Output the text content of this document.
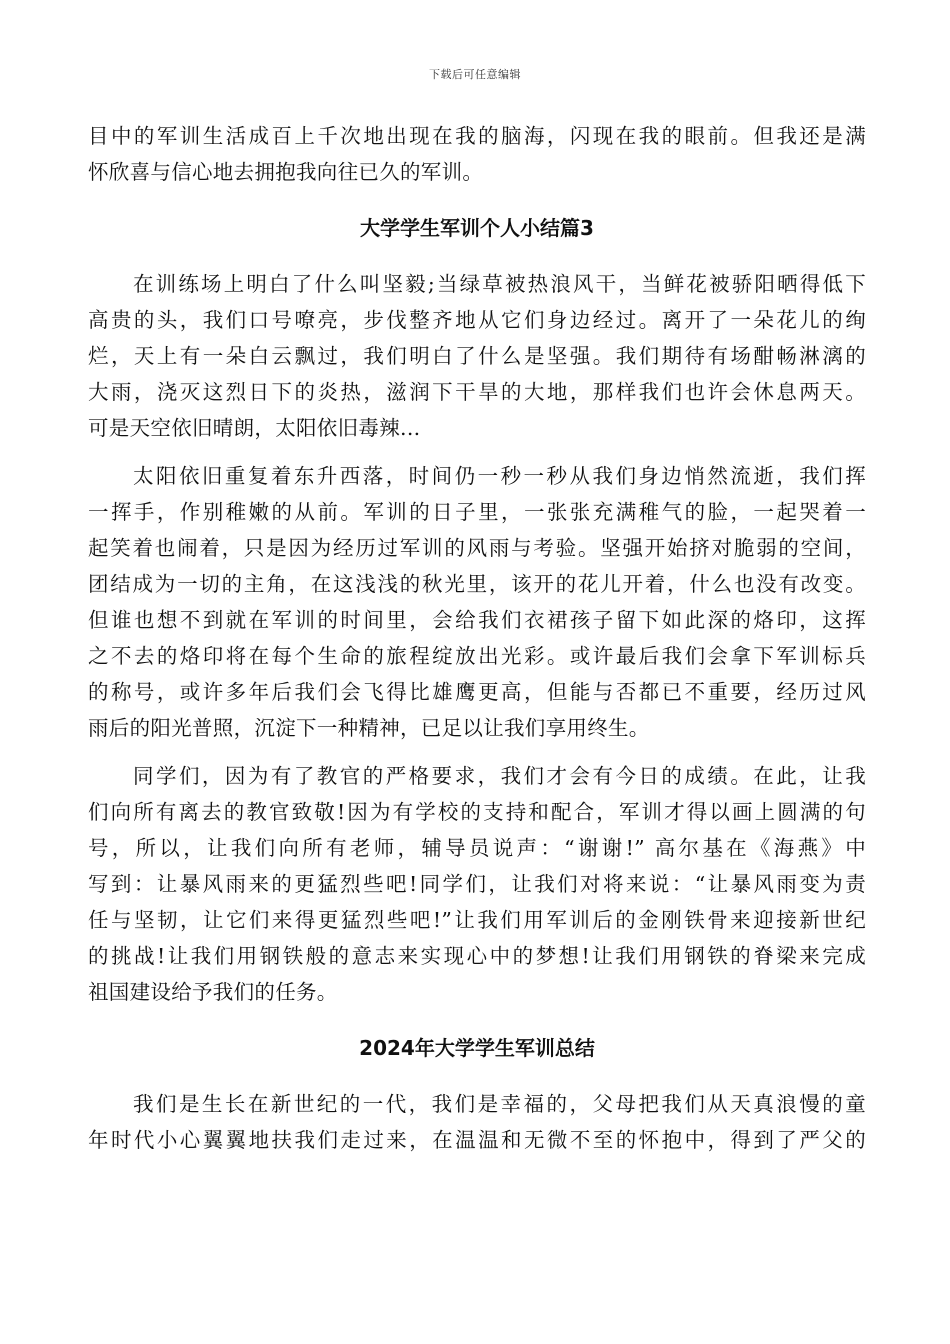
下载后可任意编辑
目中的军训生活成百上千次地出现在我的脑海，闪现在我的眼前。但我还是满
怀欣喜与信心地去拥抱我向往已久的军训。
大学学生军训个人小结篇3
在训练场上明白了什么叫坚毅;当绿草被热浪风干，当鲜花被骄阳晒得低下
高贵的头，我们口号嘹亮，步伐整齐地从它们身边经过。离开了一朵花儿的绚
烂，天上有一朵白云飘过，我们明白了什么是坚强。我们期待有场酣畅淋漓的
大雨，浇灭这烈日下的炎热，滋润下干旱的大地，那样我们也许会休息两天。
可是天空依旧晴朗，太阳依旧毒辣...
太阳依旧重复着东升西落，时间仍一秒一秒从我们身边悄然流逝，我们挥
一挥手，作别稚嫩的从前。军训的日子里，一张张充满稚气的脸，一起哭着一
起笑着也闹着，只是因为经历过军训的风雨与考验。坚强开始挤对脆弱的空间，
团结成为一切的主角，在这浅浅的秋光里，该开的花儿开着，什么也没有改变。
但谁也想不到就在军训的时间里，会给我们衣裙孩子留下如此深的烙印，这挥
之不去的烙印将在每个生命的旅程绽放出光彩。或许最后我们会拿下军训标兵
的称号，或许多年后我们会飞得比雄鹰更高，但能与否都已不重要，经历过风
雨后的阳光普照，沉淀下一种精神，已足以让我们享用终生。
同学们，因为有了教官的严格要求，我们才会有今日的成绩。在此，让我
们向所有离去的教官致敬!因为有学校的支持和配合，军训才得以画上圆满的句
号，所以，让我们向所有老师，辅导员说声：“谢谢!” 高尔基在《海燕》中
写到：让暴风雨来的更猛烈些吧!同学们，让我们对将来说：“让暴风雨变为责
任与坚韧，让它们来得更猛烈些吧!”让我们用军训后的金刚铁骨来迎接新世纪
的挑战!让我们用钢铁般的意志来实现心中的梦想!让我们用钢铁的脊梁来完成
祖国建设给予我们的任务。
2024年大学学生军训总结
我们是生长在新世纪的一代，我们是幸福的，父母把我们从天真浪慢的童
年时代小心翼翼地扶我们走过来，在温温和无微不至的怀抱中，得到了严父的
